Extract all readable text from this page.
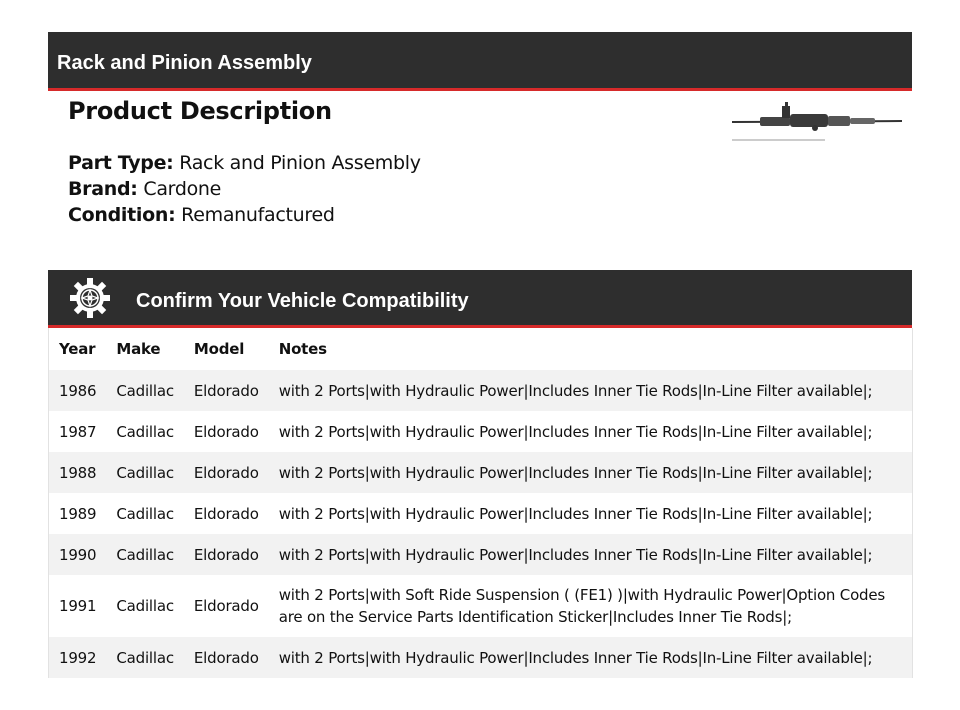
Rack and Pinion Assembly
Product Description
Part Type: Rack and Pinion Assembly
Brand: Cardone
Condition: Remanufactured
Confirm Your Vehicle Compatibility
Year	Make	Model	Notes
1986	Cadillac	Eldorado	with 2 Ports|with Hydraulic Power|Includes Inner Tie Rods|In-Line Filter available|;
1987	Cadillac	Eldorado	with 2 Ports|with Hydraulic Power|Includes Inner Tie Rods|In-Line Filter available|;
1988	Cadillac	Eldorado	with 2 Ports|with Hydraulic Power|Includes Inner Tie Rods|In-Line Filter available|;
1989	Cadillac	Eldorado	with 2 Ports|with Hydraulic Power|Includes Inner Tie Rods|In-Line Filter available|;
1990	Cadillac	Eldorado	with 2 Ports|with Hydraulic Power|Includes Inner Tie Rods|In-Line Filter available|;
1991	Cadillac	Eldorado	with 2 Ports|with Soft Ride Suspension ( (FE1) )|with Hydraulic Power|Option Codes are on the Service Parts Identification Sticker|Includes Inner Tie Rods|;
1992	Cadillac	Eldorado	with 2 Ports|with Hydraulic Power|Includes Inner Tie Rods|In-Line Filter available|;
